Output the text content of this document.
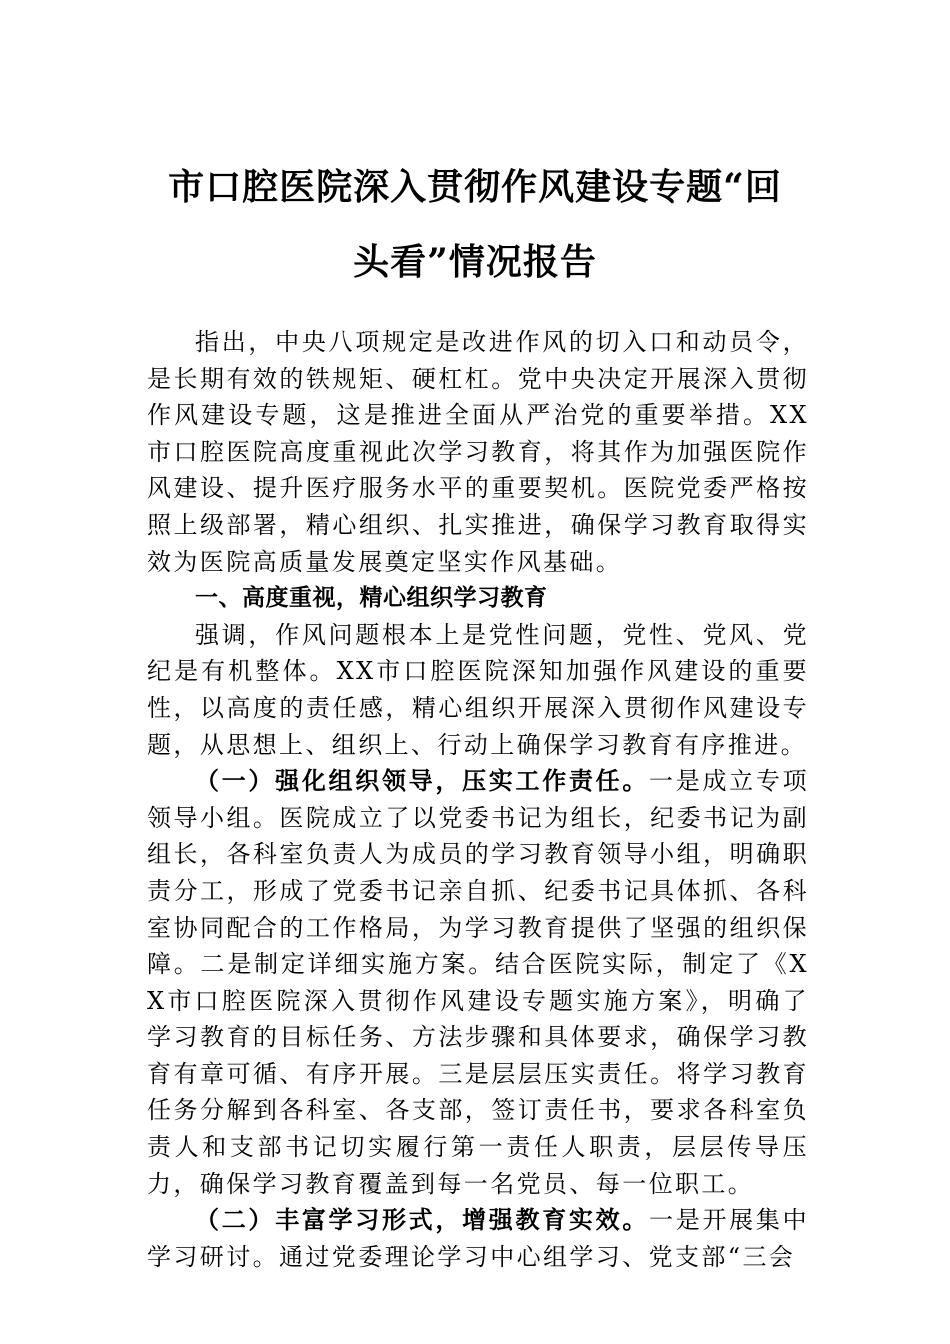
市口腔医院深入贯彻作风建设专题“回头看”情况报告

指出，中央八项规定是改进作风的切入口和动员令，是长期有效的铁规矩、硬杠杠。党中央决定开展深入贯彻作风建设专题，这是推进全面从严治党的重要举措。XX市口腔医院高度重视此次学习教育，将其作为加强医院作风建设、提升医疗服务水平的重要契机。医院党委严格按照上级部署，精心组织、扎实推进，确保学习教育取得实效为医院高质量发展奠定坚实作风基础。

一、高度重视，精心组织学习教育

强调，作风问题根本上是党性问题，党性、党风、党纪是有机整体。XX市口腔医院深知加强作风建设的重要性，以高度的责任感，精心组织开展深入贯彻作风建设专题，从思想上、组织上、行动上确保学习教育有序推进。

（一）强化组织领导，压实工作责任。一是成立专项领导小组。医院成立了以党委书记为组长，纪委书记为副组长，各科室负责人为成员的学习教育领导小组，明确职责分工，形成了党委书记亲自抓、纪委书记具体抓、各科室协同配合的工作格局，为学习教育提供了坚强的组织保障。二是制定详细实施方案。结合医院实际，制定了《XX市口腔医院深入贯彻作风建设专题实施方案》，明确了学习教育的目标任务、方法步骤和具体要求，确保学习教育有章可循、有序开展。三是层层压实责任。将学习教育任务分解到各科室、各支部，签订责任书，要求各科室负责人和支部书记切实履行第一责任人职责，层层传导压力，确保学习教育覆盖到每一名党员、每一位职工。

（二）丰富学习形式，增强教育实效。一是开展集中学习研讨。通过党委理论学习中心组学习、党支部“三会
